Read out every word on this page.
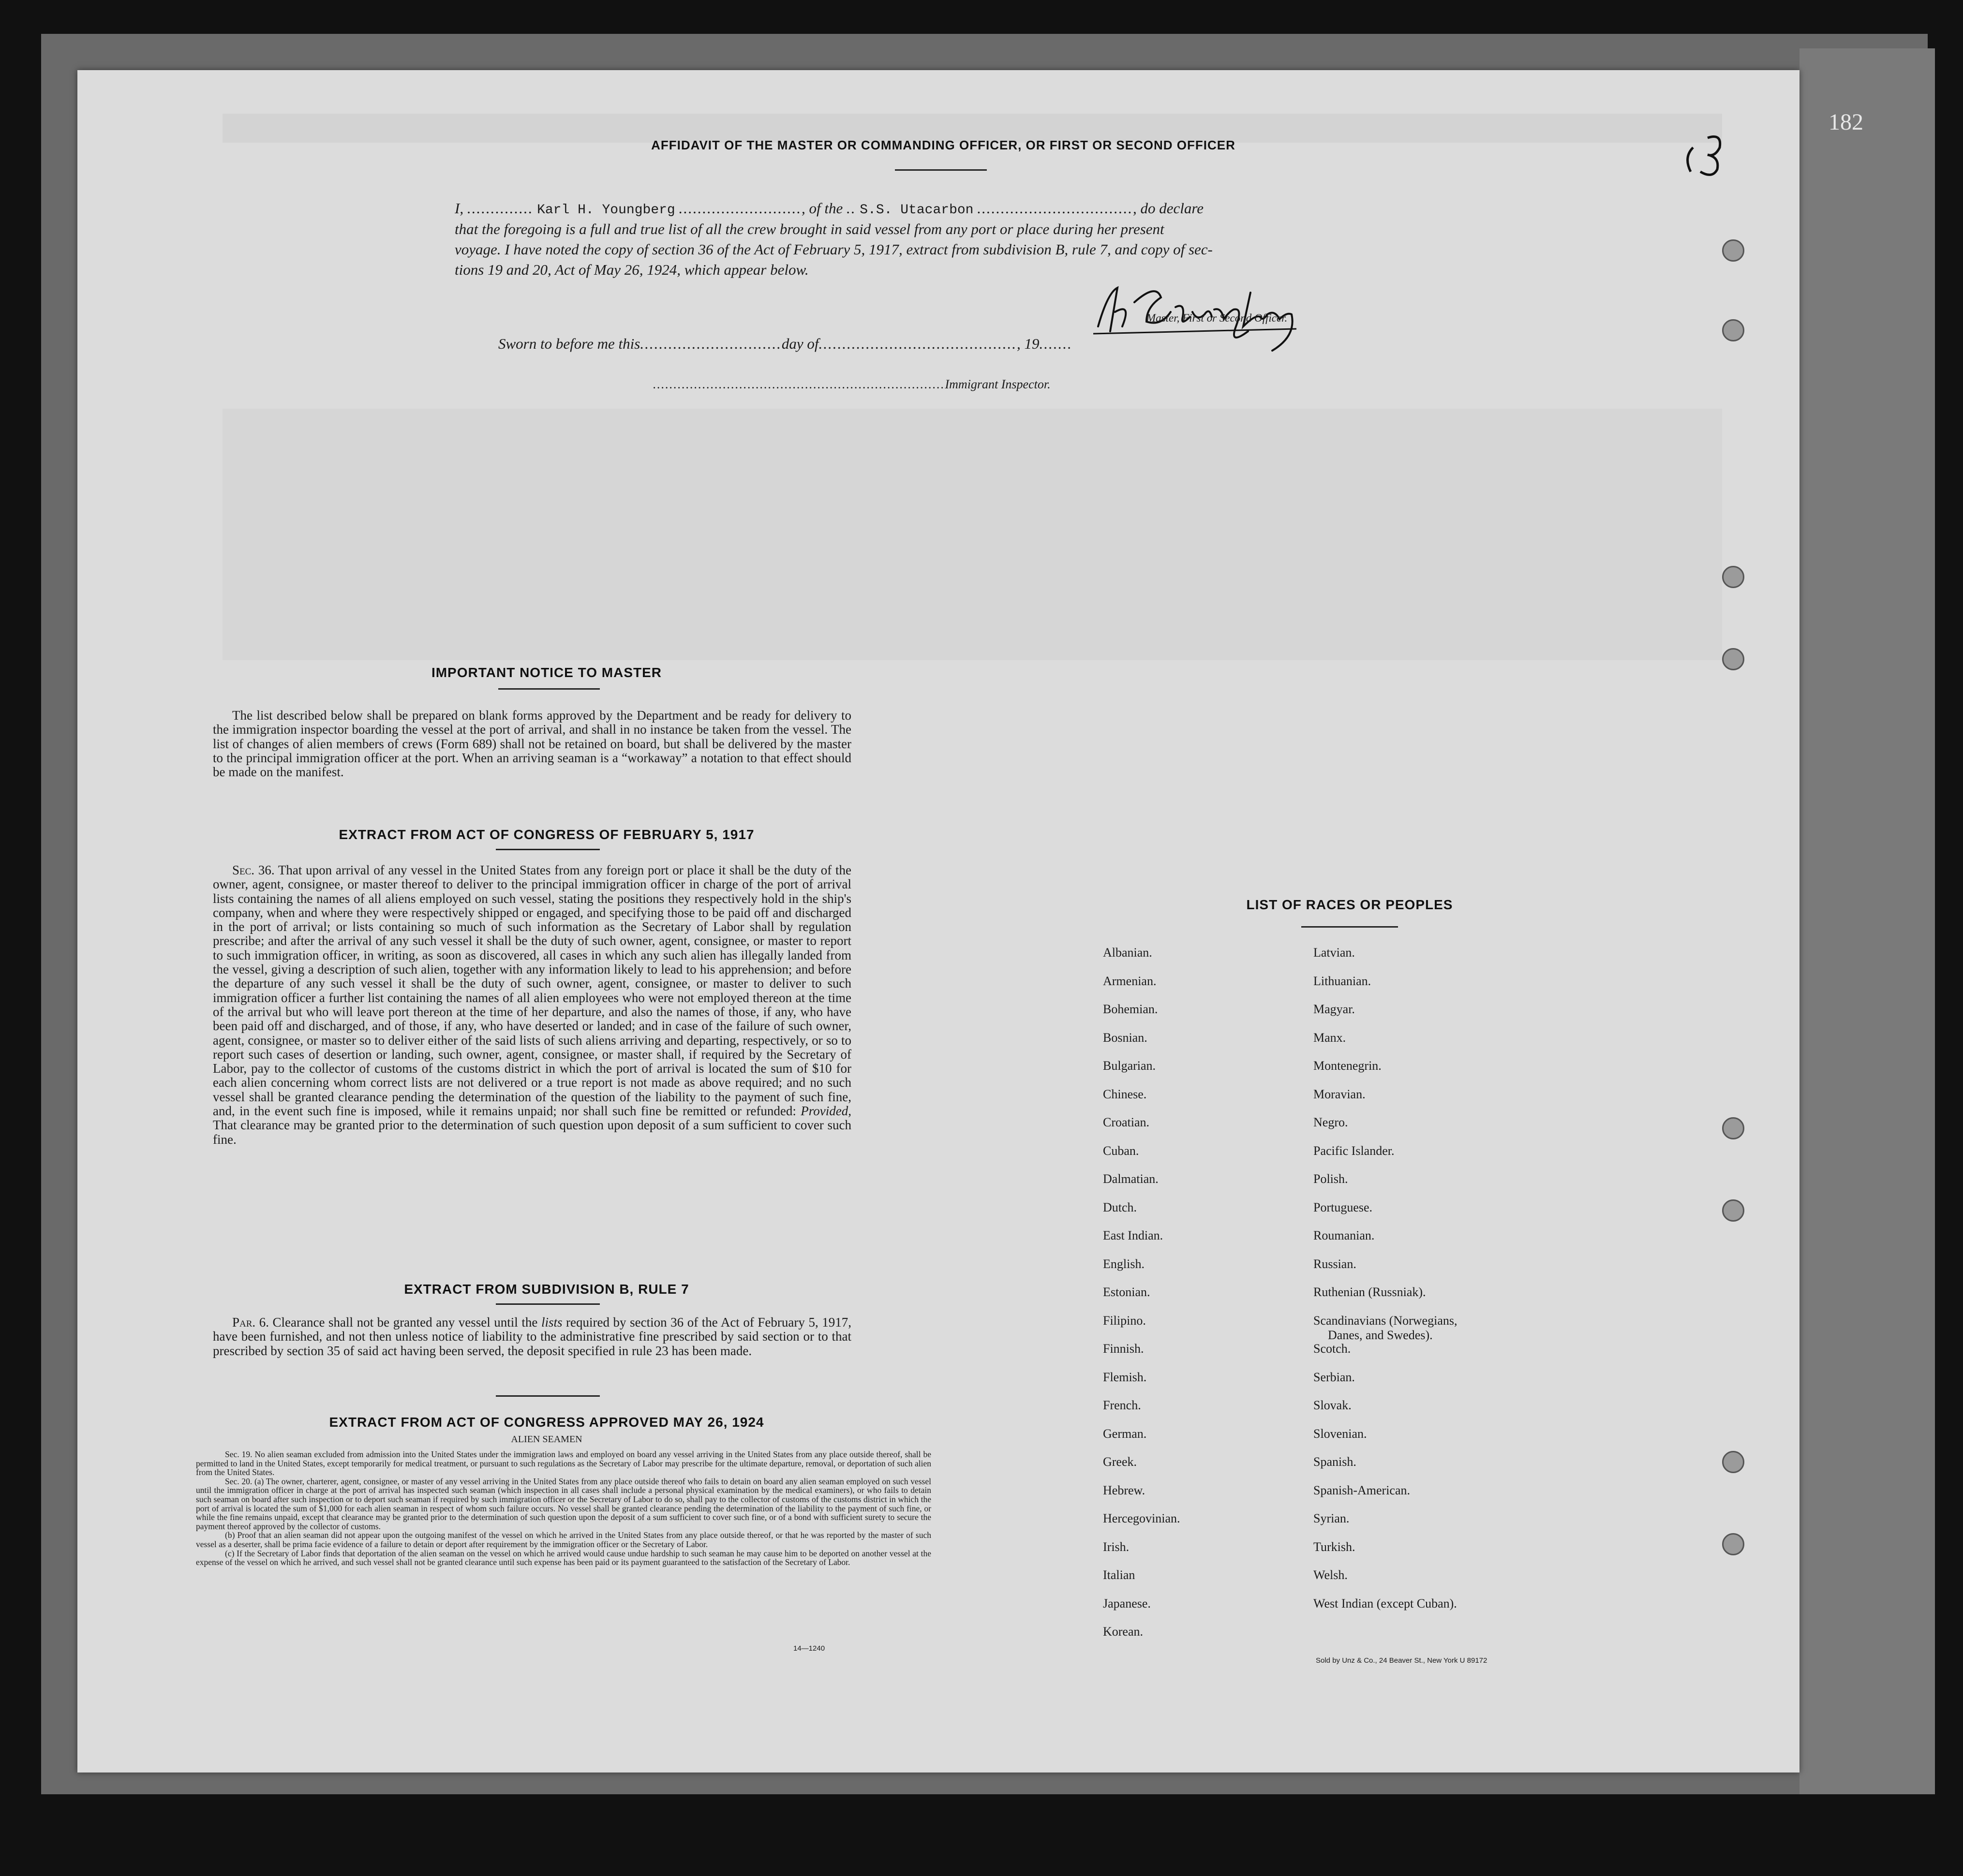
182
AFFIDAVIT OF THE MASTER OR COMMANDING OFFICER, OR FIRST OR SECOND OFFICER
I, .............. Karl H. Youngberg .........................., of the .. S.S. Utacarbon ................................., do declare
that the foregoing is a full and true list of all the crew brought in said vessel from any port or place during her present
voyage. I have noted the copy of section 36 of the Act of February 5, 1917, extract from subdivision B, rule 7, and copy of sec-
tions 19 and 20, Act of May 26, 1924, which appear below.
Master, First or Second Officer.
Sworn to before me this..............................day of.........................................., 19.......
.......................................................................Immigrant Inspector.
IMPORTANT NOTICE TO MASTER
The list described below shall be prepared on blank forms approved by the Department and be ready for delivery to the immigration inspector boarding the vessel at the port of arrival, and shall in no instance be taken from the vessel. The list of changes of alien members of crews (Form 689) shall not be retained on board, but shall be delivered by the master to the principal immigration officer at the port. When an arriving seaman is a “workaway” a notation to that effect should be made on the manifest.
EXTRACT FROM ACT OF CONGRESS OF FEBRUARY 5, 1917
Sec. 36. That upon arrival of any vessel in the United States from any foreign port or place it shall be the duty of the owner, agent, consignee, or master thereof to deliver to the principal immigration officer in charge of the port of arrival lists containing the names of all aliens employed on such vessel, stating the positions they respectively hold in the ship's company, when and where they were respectively shipped or engaged, and specifying those to be paid off and discharged in the port of arrival; or lists containing so much of such information as the Secretary of Labor shall by regulation prescribe; and after the arrival of any such vessel it shall be the duty of such owner, agent, consignee, or master to report to such immigration officer, in writing, as soon as discovered, all cases in which any such alien has illegally landed from the vessel, giving a description of such alien, together with any information likely to lead to his apprehension; and before the departure of any such vessel it shall be the duty of such owner, agent, consignee, or master to deliver to such immigration officer a further list containing the names of all alien employees who were not employed thereon at the time of the arrival but who will leave port thereon at the time of her departure, and also the names of those, if any, who have been paid off and discharged, and of those, if any, who have deserted or landed; and in case of the failure of such owner, agent, consignee, or master so to deliver either of the said lists of such aliens arriving and departing, respectively, or so to report such cases of desertion or landing, such owner, agent, consignee, or master shall, if required by the Secretary of Labor, pay to the collector of customs of the customs district in which the port of arrival is located the sum of $10 for each alien concerning whom correct lists are not delivered or a true report is not made as above required; and no such vessel shall be granted clearance pending the determination of the question of the liability to the payment of such fine, and, in the event such fine is imposed, while it remains unpaid; nor shall such fine be remitted or refunded: Provided, That clearance may be granted prior to the determination of such question upon deposit of a sum sufficient to cover such fine.
EXTRACT FROM SUBDIVISION B, RULE 7
Par. 6. Clearance shall not be granted any vessel until the lists required by section 36 of the Act of February 5, 1917, have been furnished, and not then unless notice of liability to the administrative fine prescribed by said section or to that prescribed by section 35 of said act having been served, the deposit specified in rule 23 has been made.
EXTRACT FROM ACT OF CONGRESS APPROVED MAY 26, 1924
ALIEN SEAMEN
Sec. 19. No alien seaman excluded from admission into the United States under the immigration laws and employed on board any vessel arriving in the United States from any place outside thereof, shall be permitted to land in the United States, except temporarily for medical treatment, or pursuant to such regulations as the Secretary of Labor may prescribe for the ultimate departure, removal, or deportation of such alien from the United States.
Sec. 20. (a) The owner, charterer, agent, consignee, or master of any vessel arriving in the United States from any place outside thereof who fails to detain on board any alien seaman employed on such vessel until the immigration officer in charge at the port of arrival has inspected such seaman (which inspection in all cases shall include a personal physical examination by the medical examiners), or who fails to detain such seaman on board after such inspection or to deport such seaman if required by such immigration officer or the Secretary of Labor to do so, shall pay to the collector of customs of the customs district in which the port of arrival is located the sum of $1,000 for each alien seaman in respect of whom such failure occurs. No vessel shall be granted clearance pending the determination of the liability to the payment of such fine, or while the fine remains unpaid, except that clearance may be granted prior to the determination of such question upon the deposit of a sum sufficient to cover such fine, or of a bond with sufficient surety to secure the payment thereof approved by the collector of customs.
(b) Proof that an alien seaman did not appear upon the outgoing manifest of the vessel on which he arrived in the United States from any place outside thereof, or that he was reported by the master of such vessel as a deserter, shall be prima facie evidence of a failure to detain or deport after requirement by the immigration officer or the Secretary of Labor.
(c) If the Secretary of Labor finds that deportation of the alien seaman on the vessel on which he arrived would cause undue hardship to such seaman he may cause him to be deported on another vessel at the expense of the vessel on which he arrived, and such vessel shall not be granted clearance until such expense has been paid or its payment guaranteed to the satisfaction of the Secretary of Labor.
14—1240
LIST OF RACES OR PEOPLES
Sold by Unz & Co., 24 Beaver St., New York U 89172
Albanian.
Armenian.
Bohemian.
Bosnian.
Bulgarian.
Chinese.
Croatian.
Cuban.
Dalmatian.
Dutch.
East Indian.
English.
Estonian.
Filipino.
Finnish.
Flemish.
French.
German.
Greek.
Hebrew.
Hercegovinian.
Irish.
Italian
Japanese.
Korean.
Latvian.
Lithuanian.
Magyar.
Manx.
Montenegrin.
Moravian.
Negro.
Pacific Islander.
Polish.
Portuguese.
Roumanian.
Russian.
Ruthenian (Russniak).
Scandinavians (Norwegians,
Danes, and Swedes).
Scotch.
Serbian.
Slovak.
Slovenian.
Spanish.
Spanish-American.
Syrian.
Turkish.
Welsh.
West Indian (except Cuban).
